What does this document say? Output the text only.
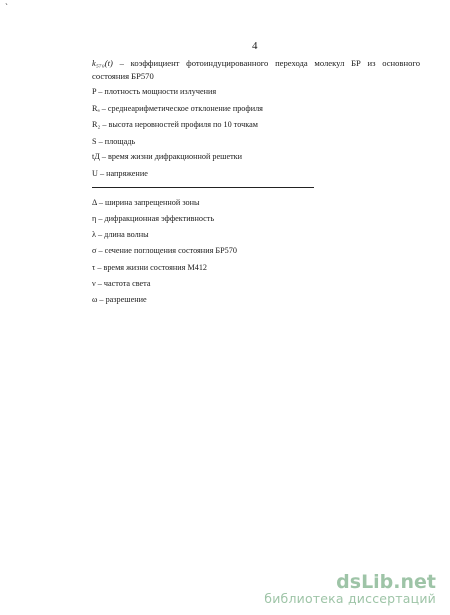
`
4
k₅₇₀(t) – коэффициент фотоиндуцированного перехода молекул БР из основного
состояния БР570
P – плотность мощности излучения
Rₐ – среднеарифметическое отклонение профиля
R₂ – высота неровностей профиля по 10 точкам
S – площадь
tД – время жизни дифракционной решетки
U – напряжение
Δ – ширина запрещенной зоны
η – дифракционная эффективность
λ – длина волны
σ – сечение поглощения состояния БР570
τ – время жизни состояния М412
ν – частота света
ω – разрешение
dsLib.net
библиотека диссертаций
